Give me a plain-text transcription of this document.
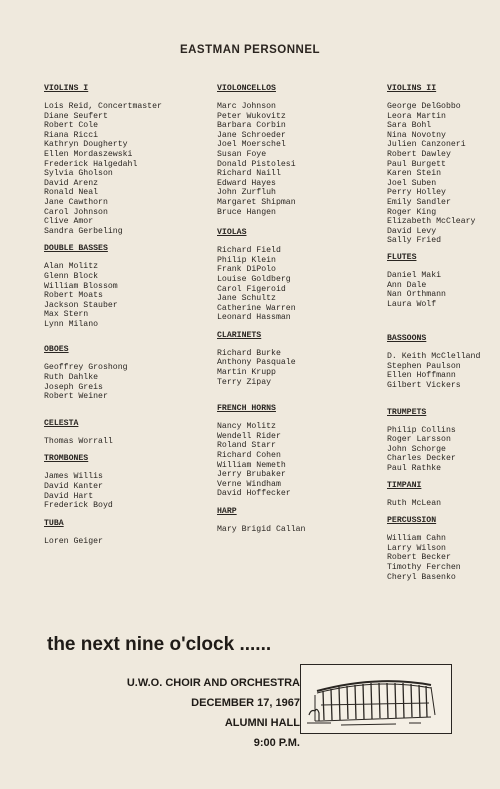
EASTMAN PERSONNEL
VIOLINS I
Lois Reid, Concertmaster
Diane Seufert
Robert Cole
Riana Ricci
Kathryn Dougherty
Ellen Mordaszewski
Frederick Halgedahl
Sylvia Gholson
David Arenz
Ronald Neal
Jane Cawthorn
Carol Johnson
Clive Amor
Sandra Gerbeling
DOUBLE BASSES
Alan Molitz
Glenn Block
William Blossom
Robert Moats
Jackson Stauber
Max Stern
Lynn Milano
OBOES
Geoffrey Groshong
Ruth Dahlke
Joseph Greis
Robert Weiner
CELESTA
Thomas Worrall
TROMBONES
James Willis
David Kanter
David Hart
Frederick Boyd
TUBA
Loren Geiger
VIOLONCELLOS
Marc Johnson
Peter Wukovitz
Barbara Corbin
Jane Schroeder
Joel Moerschel
Susan Foye
Donald Pistolesi
Richard Naill
Edward Hayes
John Zurfluh
Margaret Shipman
Bruce Hangen
VIOLAS
Richard Field
Philip Klein
Frank DiPolo
Louise Goldberg
Carol Figeroid
Jane Schultz
Catherine Warren
Leonard Hassman
CLARINETS
Richard Burke
Anthony Pasquale
Martin Krupp
Terry Zipay
FRENCH HORNS
Nancy Molitz
Wendell Rider
Roland Starr
Richard Cohen
William Nemeth
Jerry Brubaker
Verne Windham
David Hoffecker
HARP
Mary Brigid Callan
VIOLINS II
George DelGobbo
Leora Martin
Sara Bohl
Nina Novotny
Julien Canzoneri
Robert Dawley
Paul Burgett
Karen Stein
Joel Suben
Perry Holley
Emily Sandler
Roger King
Elizabeth McCleary
David Levy
Sally Fried
FLUTES
Daniel Maki
Ann Dale
Nan Orthmann
Laura Wolf
BASSOONS
D. Keith McClelland
Stephen Paulson
Ellen Hoffmann
Gilbert Vickers
TRUMPETS
Philip Collins
Roger Larsson
John Schorge
Charles Decker
Paul Rathke
TIMPANI
Ruth McLean
PERCUSSION
William Cahn
Larry Wilson
Robert Becker
Timothy Ferchen
Cheryl Basenko
the next nine o'clock ......
U.W.O. CHOIR AND ORCHESTRA
DECEMBER 17, 1967
ALUMNI HALL
9:00 P.M.
